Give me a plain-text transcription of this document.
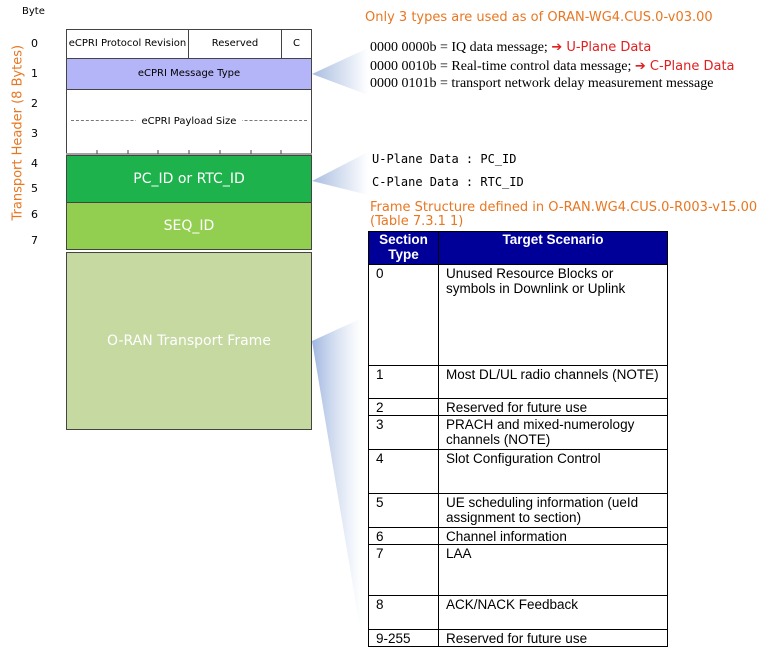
Byte
0
1
2
3
4
5
6
7
Transport Header (8 Bytes)
eCPRI Protocol Revision	Reserved	C
eCPRI Message Type
eCPRI Payload Size
PC_ID or RTC_ID
SEQ_ID
O-RAN Transport Frame
Only 3 types are used as of ORAN-WG4.CUS.0-v03.00
0000 0000b = IQ data message; ➔ U-Plane Data
0000 0010b = Real-time control data message; ➔ C-Plane Data
0000 0101b = transport network delay measurement message
U-Plane Data : PC_ID
C-Plane Data : RTC_ID
Frame Structure defined in O-RAN.WG4.CUS.0-R003-v15.00
(Table 7.3.1 1)
Section Type	Target Scenario
0	Unused Resource Blocks or symbols in Downlink or Uplink
1	Most DL/UL radio channels (NOTE)
2	Reserved for future use
3	PRACH and mixed-numerology channels (NOTE)
4	Slot Configuration Control
5	UE scheduling information (ueId assignment to section)
6	Channel information
7	LAA
8	ACK/NACK Feedback
9-255	Reserved for future use
